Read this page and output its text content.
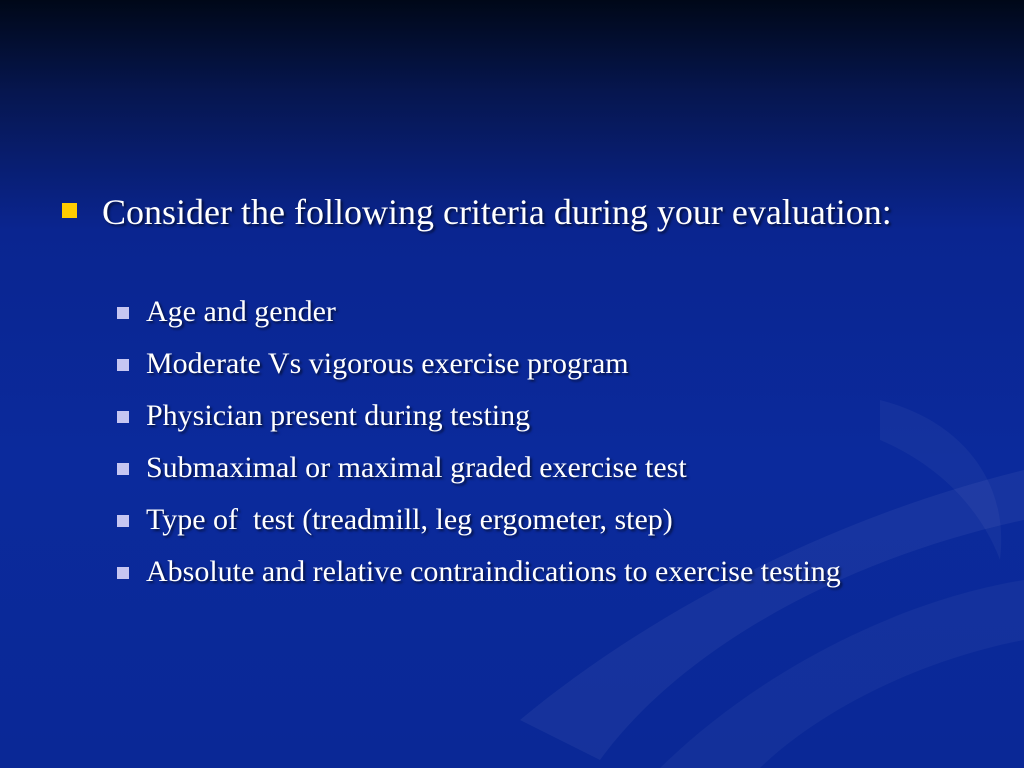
Consider the following criteria during your evaluation:
Age and gender
Moderate Vs vigorous exercise program
Physician present during testing
Submaximal or maximal graded exercise test
Type of  test (treadmill, leg ergometer, step)
Absolute and relative contraindications to exercise testing
